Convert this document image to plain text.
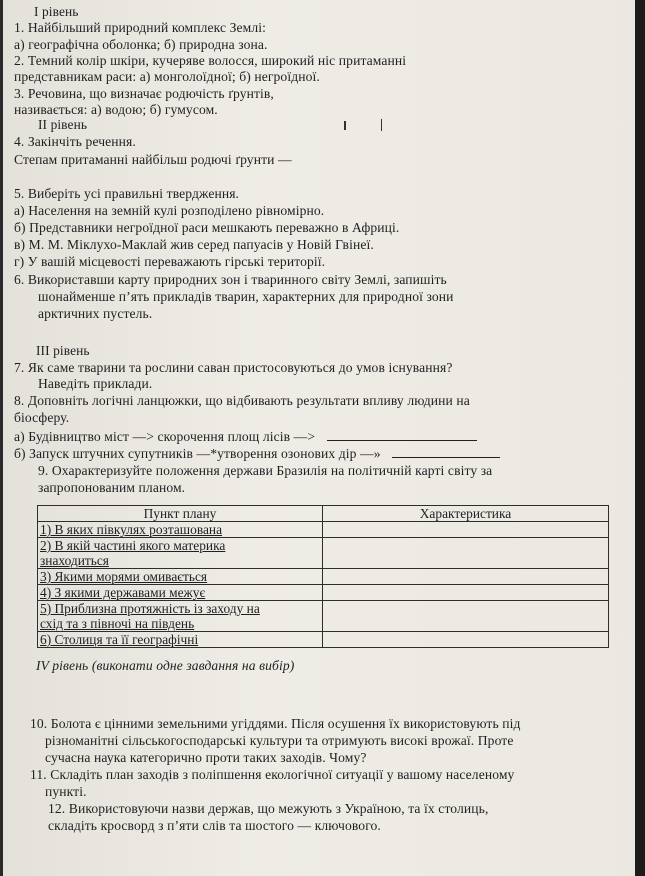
І рівень
1. Найбільший природний комплекс Землі:
а) географічна оболонка; б) природна зона.
2. Темний колір шкіри, кучеряве волосся, широкий ніс притаманні
представникам раси: а) монголоїдної; б) негроїдної.
3. Речовина, що визначає родючість ґрунтів,
називається: а) водою; б) гумусом.
ІІ рівень
4. Закінчіть речення.
Степам притаманні найбільш родючі ґрунти —
5. Виберіть усі правильні твердження.
а) Населення на земній кулі розподілено рівномірно.
б) Представники негроїдної раси мешкають переважно в Африці.
в) М. М. Міклухо-Маклай жив серед папуасів у Новій Гвінеї.
г) У вашій місцевості переважають гірські території.
6. Використавши карту природних зон і тваринного світу Землі, запишіть
шонайменше п’ять прикладів тварин, характерних для природної зони
арктичних пустель.
ІІІ рівень
7. Як саме тварини та рослини саван пристосовуються до умов існування?
Наведіть приклади.
8. Доповніть логічні ланцюжки, що відбивають результати впливу людини на
біосферу.
а) Будівництво міст —> скорочення площ лісів —>
б) Запуск штучних супутників —*утворення озонових дір —»
9. Охарактеризуйте положення держави Бразилія на політичній карті світу за
запропонованим планом.
Пункт плану	Характеристика
1) В яких півкулях розташована	

2) В якій частині якого материка
знаходиться	

3) Якими морями омивається	
4) З якими державами межує	

5) Приблизна протяжність із заходу на
схід та з півночі на південь	

6) Столиця та її географічні	
ІV рівень (виконати одне завдання на вибір)
10. Болота є цінними земельними угіддями. Після осушення їх використовують під
різноманітні сільськогосподарські культури та отримують високі врожаї. Проте
сучасна наука категорично проти таких заходів. Чому?
11. Складіть план заходів з поліпшення екологічної ситуації у вашому населеному
пункті.
12. Використовуючи назви держав, що межують з Україною, та їх столиць,
складіть кросворд з п’яти слів та шостого — ключового.
